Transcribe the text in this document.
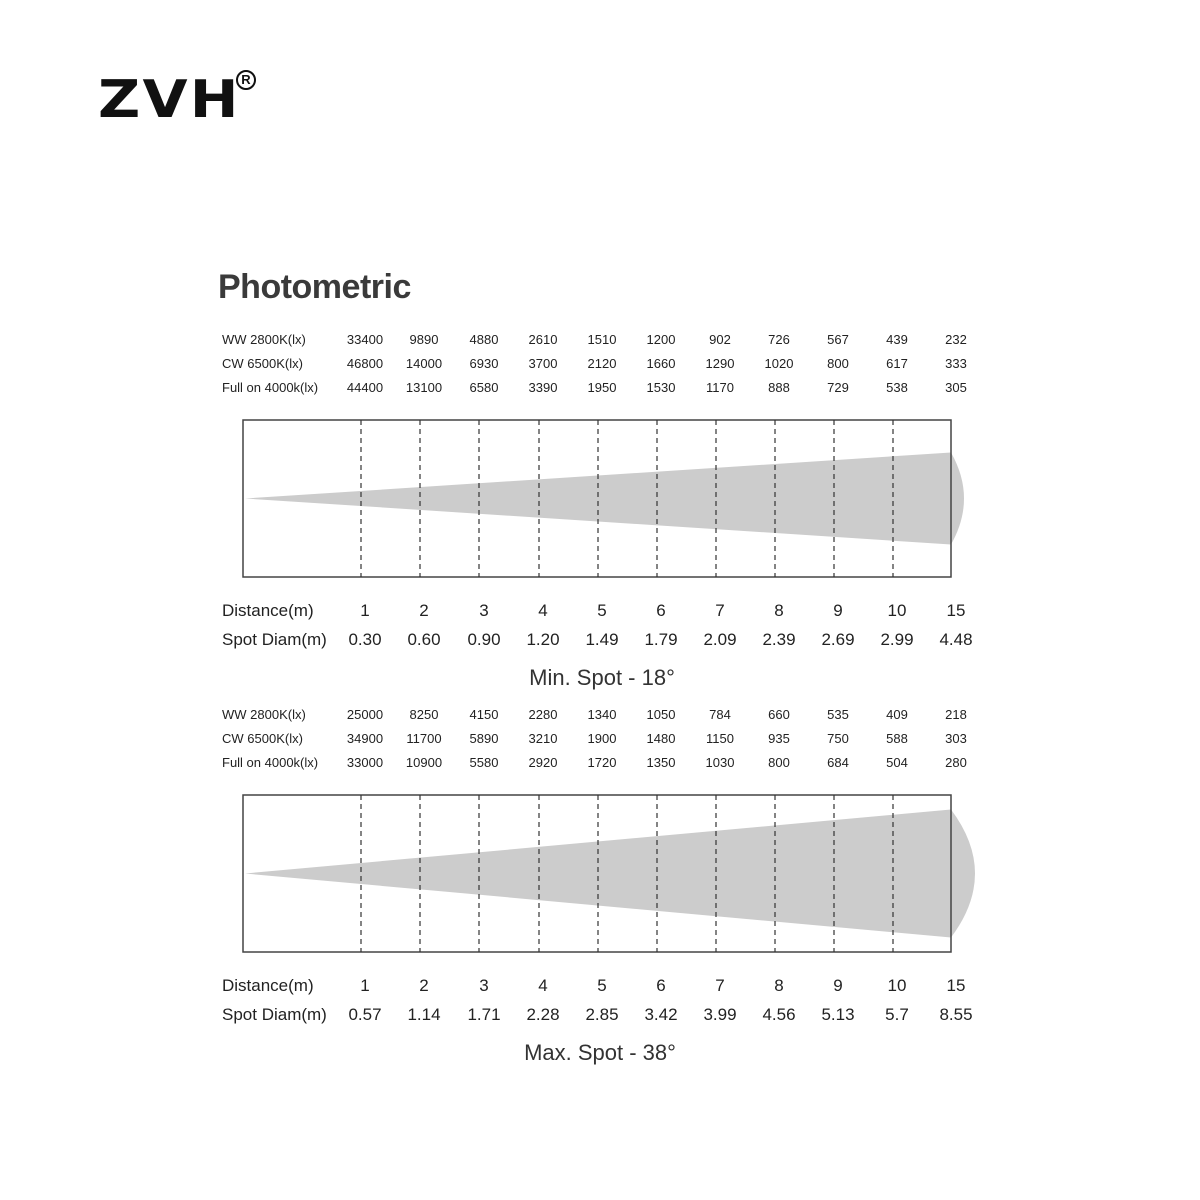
ZVH R
Photometric
WW 2800K(lx)	33400	9890	4880	2610	1510	1200	902	726	567	439	232
CW 6500K(lx)	46800	14000	6930	3700	2120	1660	1290	1020	800	617	333
Full on 4000k(lx)	44400	13100	6580	3390	1950	1530	1170	888	729	538	305
Distance(m)	1	2	3	4	5	6	7	8	9	10	15
Spot Diam(m)	0.30	0.60	0.90	1.20	1.49	1.79	2.09	2.39	2.69	2.99	4.48
Min. Spot - 18°
WW 2800K(lx)	25000	8250	4150	2280	1340	1050	784	660	535	409	218
CW 6500K(lx)	34900	11700	5890	3210	1900	1480	1150	935	750	588	303
Full on 4000k(lx)	33000	10900	5580	2920	1720	1350	1030	800	684	504	280
Distance(m)	1	2	3	4	5	6	7	8	9	10	15
Spot Diam(m)	0.57	1.14	1.71	2.28	2.85	3.42	3.99	4.56	5.13	5.7	8.55
Max. Spot - 38°
